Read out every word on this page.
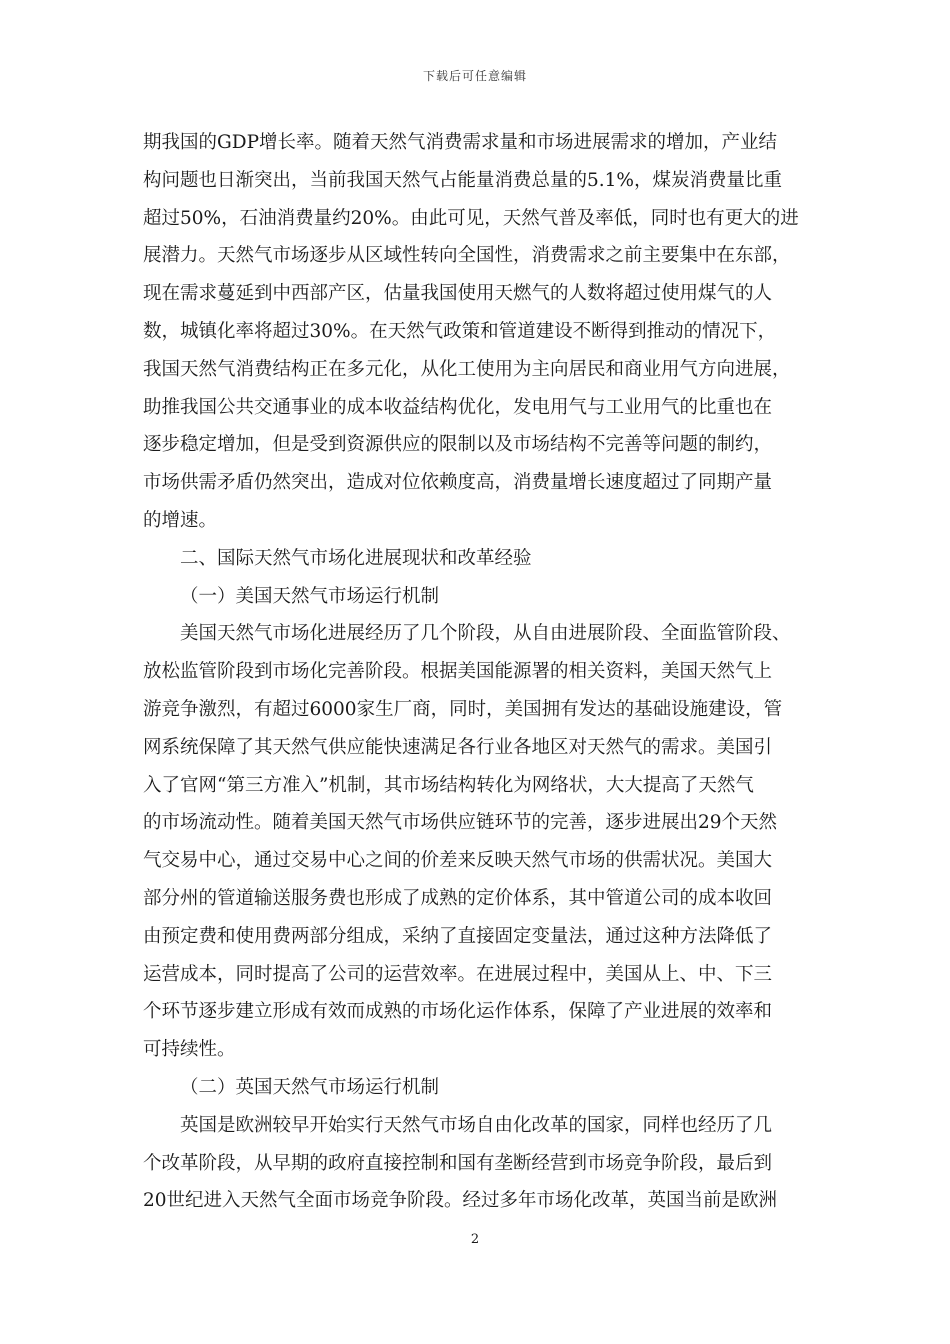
下载后可任意编辑
期我国的GDP增长率。随着天然气消费需求量和市场进展需求的增加，产业结
构问题也日渐突出，当前我国天然气占能量消费总量的5.1%，煤炭消费量比重
超过50%，石油消费量约20%。由此可见，天然气普及率低，同时也有更大的进
展潜力。天然气市场逐步从区域性转向全国性，消费需求之前主要集中在东部，
现在需求蔓延到中西部产区，估量我国使用天燃气的人数将超过使用煤气的人
数，城镇化率将超过30%。在天然气政策和管道建设不断得到推动的情况下，
我国天然气消费结构正在多元化，从化工使用为主向居民和商业用气方向进展，
助推我国公共交通事业的成本收益结构优化，发电用气与工业用气的比重也在
逐步稳定增加，但是受到资源供应的限制以及市场结构不完善等问题的制约，
市场供需矛盾仍然突出，造成对位依赖度高，消费量增长速度超过了同期产量
的增速。
二、国际天然气市场化进展现状和改革经验
（一）美国天然气市场运行机制
美国天然气市场化进展经历了几个阶段，从自由进展阶段、全面监管阶段、
放松监管阶段到市场化完善阶段。根据美国能源署的相关资料，美国天然气上
游竞争激烈，有超过6000家生厂商，同时，美国拥有发达的基础设施建设，管
网系统保障了其天然气供应能快速满足各行业各地区对天然气的需求。美国引
入了官网“第三方准入”机制，其市场结构转化为网络状，大大提高了天然气
的市场流动性。随着美国天然气市场供应链环节的完善，逐步进展出29个天然
气交易中心，通过交易中心之间的价差来反映天然气市场的供需状况。美国大
部分州的管道输送服务费也形成了成熟的定价体系，其中管道公司的成本收回
由预定费和使用费两部分组成，采纳了直接固定变量法，通过这种方法降低了
运营成本，同时提高了公司的运营效率。在进展过程中，美国从上、中、下三
个环节逐步建立形成有效而成熟的市场化运作体系，保障了产业进展的效率和
可持续性。
（二）英国天然气市场运行机制
英国是欧洲较早开始实行天然气市场自由化改革的国家，同样也经历了几
个改革阶段，从早期的政府直接控制和国有垄断经营到市场竞争阶段，最后到
20世纪进入天然气全面市场竞争阶段。经过多年市场化改革，英国当前是欧洲
2
